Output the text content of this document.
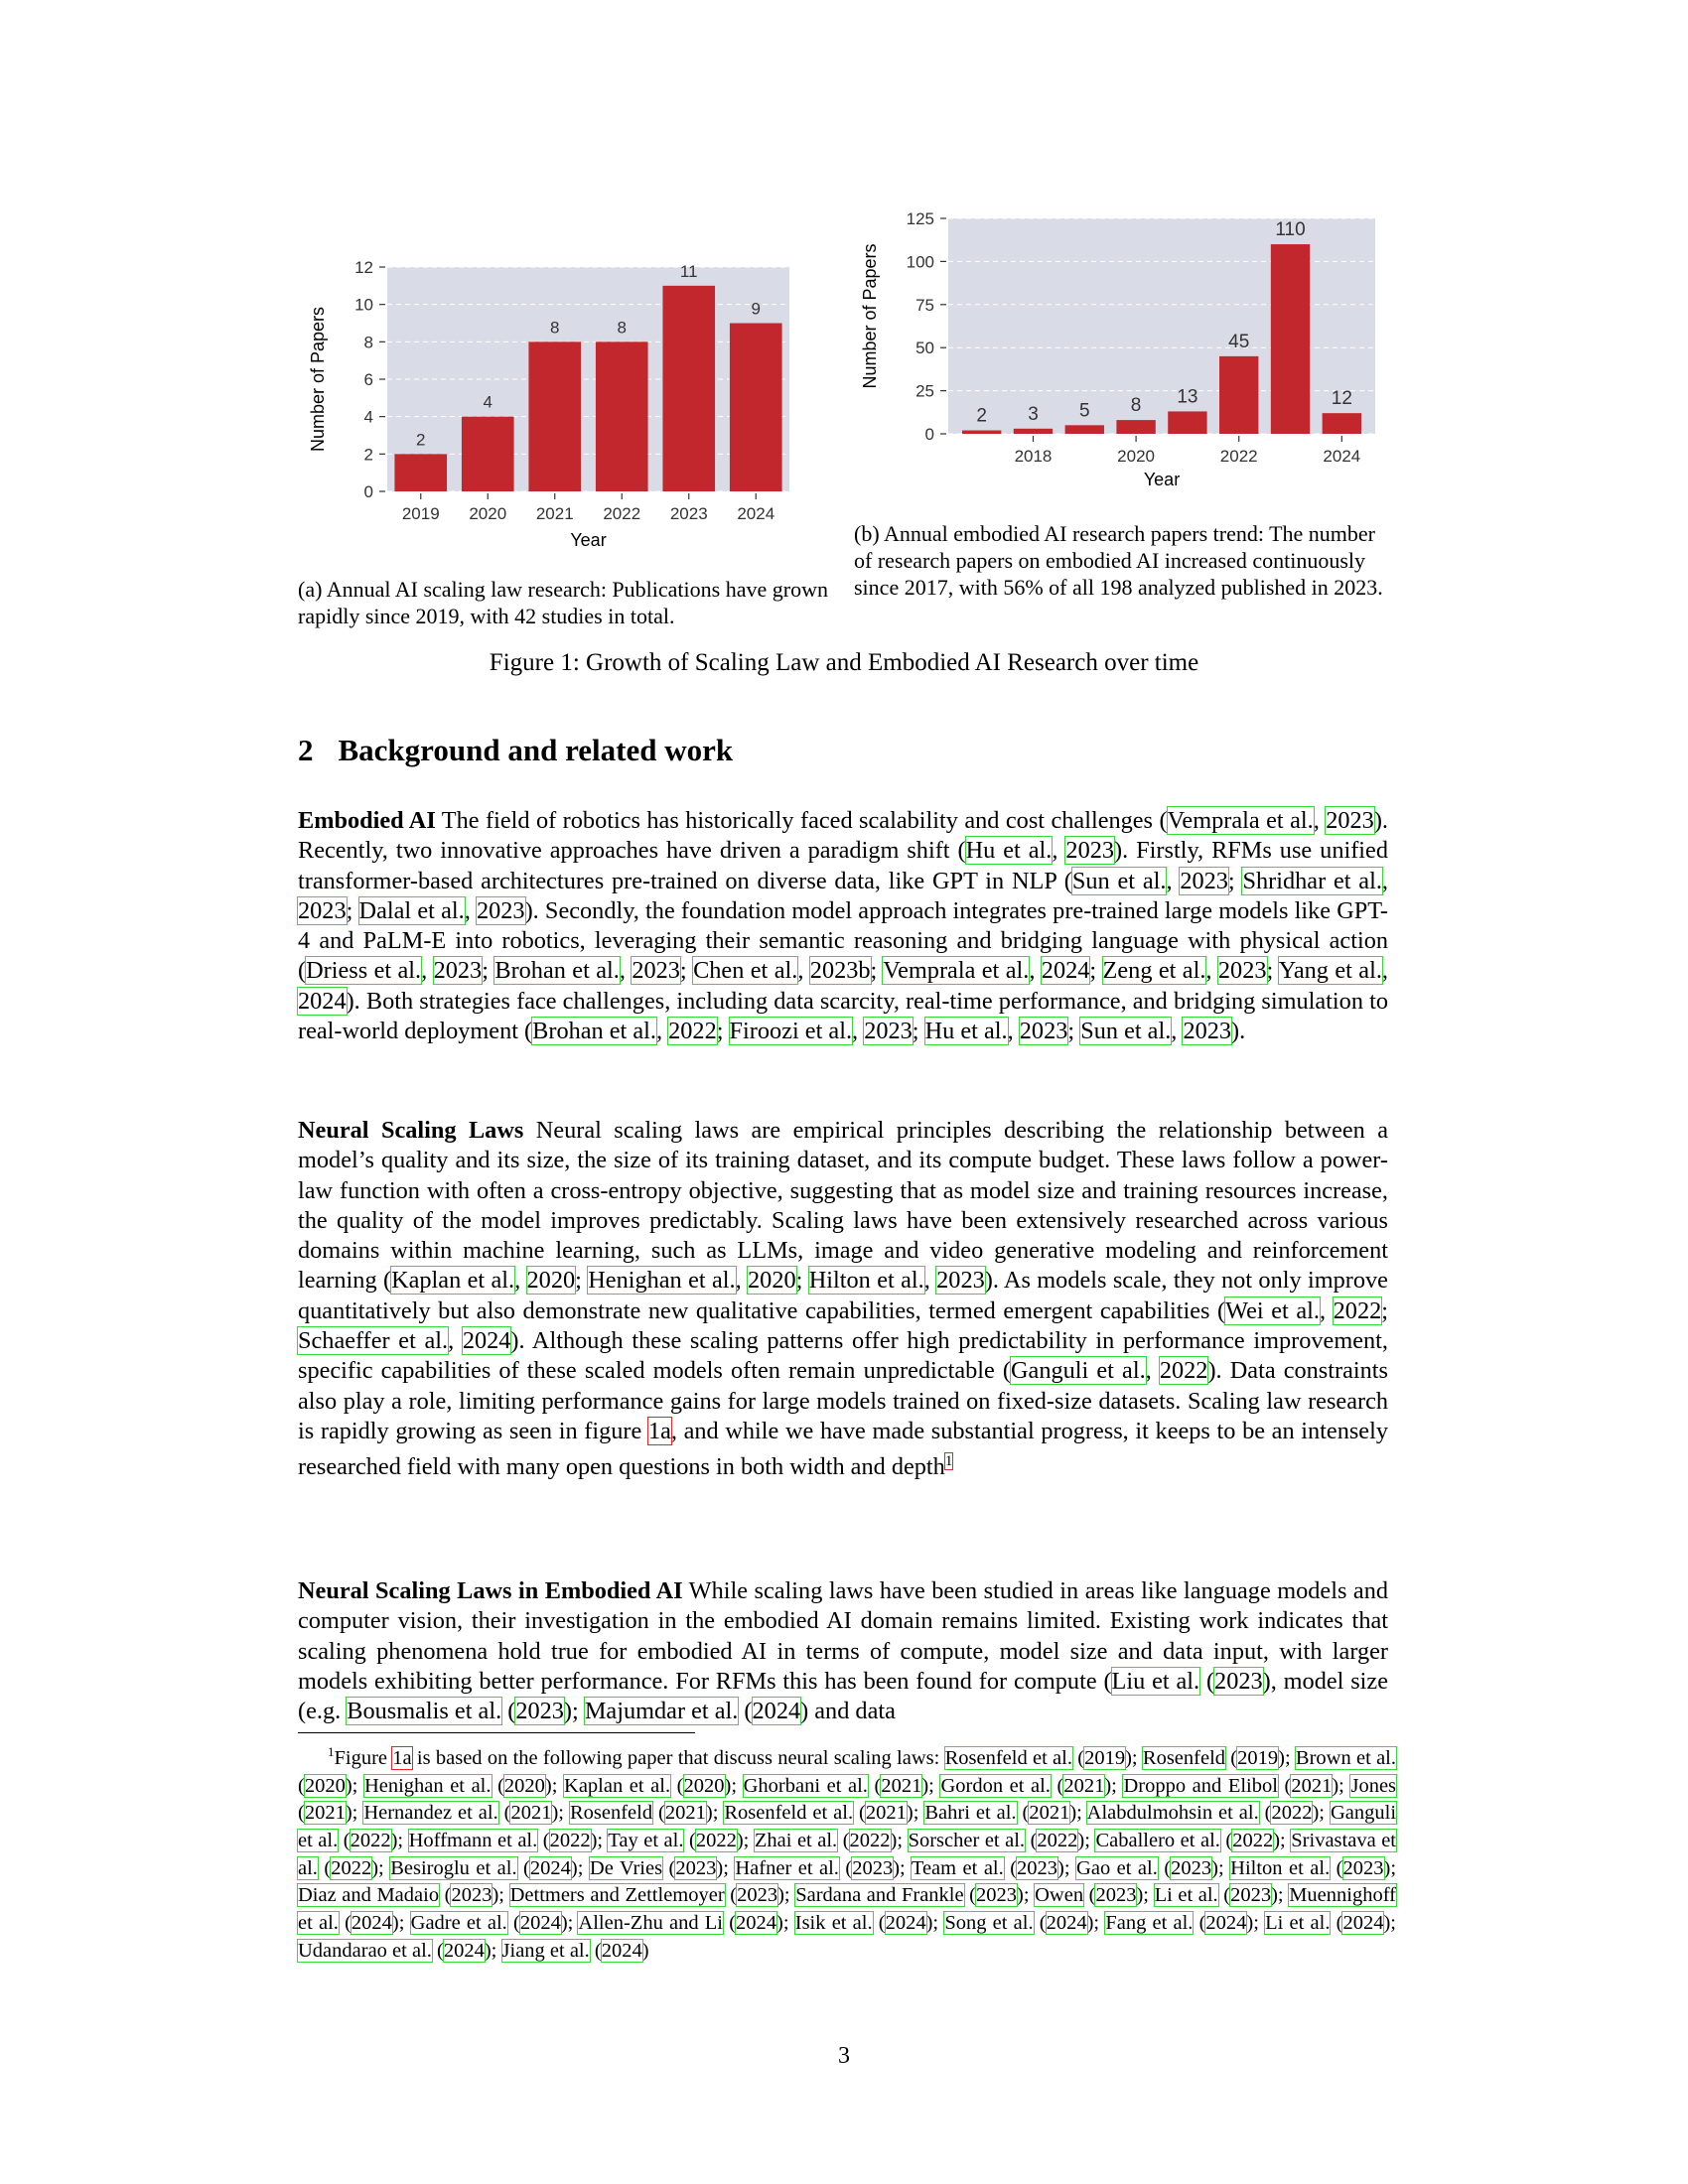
2
4
8	8
11
9
0
2
4
6
8
10
12
2019 2020 2021 2022 2023 2024
Year
Number of Papers	2 3 5 8 13
45
110
12
0
25
50
75
100
125
2018	2020	2022	2024
Year
Number of Papers
(a) Annual AI scaling law research: Publications have grown rapidly since 2019, with 42 studies in total.
(b) Annual embodied AI research papers trend: The number of research papers on embodied AI increased continuously since 2017, with 56% of all 198 analyzed published in 2023.
Figure 1: Growth of Scaling Law and Embodied AI Research over time
2 Background and related work
Embodied AI The field of robotics has historically faced scalability and cost challenges (Vemprala et al., 2023). Recently, two innovative approaches have driven a paradigm shift (Hu et al., 2023). Firstly, RFMs use unified transformer-based architectures pre-trained on diverse data, like GPT in NLP (Sun et al., 2023; Shridhar et al., 2023; Dalal et al., 2023). Secondly, the foundation model approach integrates pre-trained large models like GPT-4 and PaLM-E into robotics, leveraging their semantic reasoning and bridging language with physical action (Driess et al., 2023; Brohan et al., 2023; Chen et al., 2023b; Vemprala et al., 2024; Zeng et al., 2023; Yang et al., 2024). Both strategies face challenges, including data scarcity, real-time performance, and bridging simulation to real-world deployment (Brohan et al., 2022; Firoozi et al., 2023; Hu et al., 2023; Sun et al., 2023).
Neural Scaling Laws Neural scaling laws are empirical principles describing the relationship between a model’s quality and its size, the size of its training dataset, and its compute budget. These laws follow a power-law function with often a cross-entropy objective, suggesting that as model size and training resources increase, the quality of the model improves predictably. Scaling laws have been extensively researched across various domains within machine learning, such as LLMs, image and video generative modeling and reinforcement learning (Kaplan et al., 2020; Henighan et al., 2020; Hilton et al., 2023). As models scale, they not only improve quantitatively but also demonstrate new qualitative capabilities, termed emergent capabilities (Wei et al., 2022; Schaeffer et al., 2024). Although these scaling patterns offer high predictability in performance improvement, specific capabilities of these scaled models often remain unpredictable (Ganguli et al., 2022). Data constraints also play a role, limiting performance gains for large models trained on fixed-size datasets. Scaling law research is rapidly growing as seen in figure 1a, and while we have made substantial progress, it keeps to be an intensely researched field with many open questions in both width and depth$^1$
Neural Scaling Laws in Embodied AI While scaling laws have been studied in areas like language models and computer vision, their investigation in the embodied AI domain remains limited. Existing work indicates that scaling phenomena hold true for embodied AI in terms of compute, model size and data input, with larger models exhibiting better performance. For RFMs this has been found for compute (Liu et al. (2023), model size (e.g. Bousmalis et al. (2023); Majumdar et al. (2024) and data
$^1$Figure 1a is based on the following paper that discuss neural scaling laws: Rosenfeld et al. (2019); Rosenfeld (2019); Brown et al. (2020); Henighan et al. (2020); Kaplan et al. (2020); Ghorbani et al. (2021); Gordon et al. (2021); Droppo and Elibol (2021); Jones (2021); Hernandez et al. (2021); Rosenfeld (2021); Rosenfeld et al. (2021); Bahri et al. (2021); Alabdulmohsin et al. (2022); Ganguli et al. (2022); Hoffmann et al. (2022); Tay et al. (2022); Zhai et al. (2022); Sorscher et al. (2022); Caballero et al. (2022); Srivastava et al. (2022); Besiroglu et al. (2024); De Vries (2023); Hafner et al. (2023); Team et al. (2023); Gao et al. (2023); Hilton et al. (2023); Diaz and Madaio (2023); Dettmers and Zettlemoyer (2023); Sardana and Frankle (2023); Owen (2023); Li et al. (2023); Muennighoff et al. (2024); Gadre et al. (2024); Allen-Zhu and Li (2024); Isik et al. (2024); Song et al. (2024); Fang et al. (2024); Li et al. (2024); Udandarao et al. (2024); Jiang et al. (2024)
3
